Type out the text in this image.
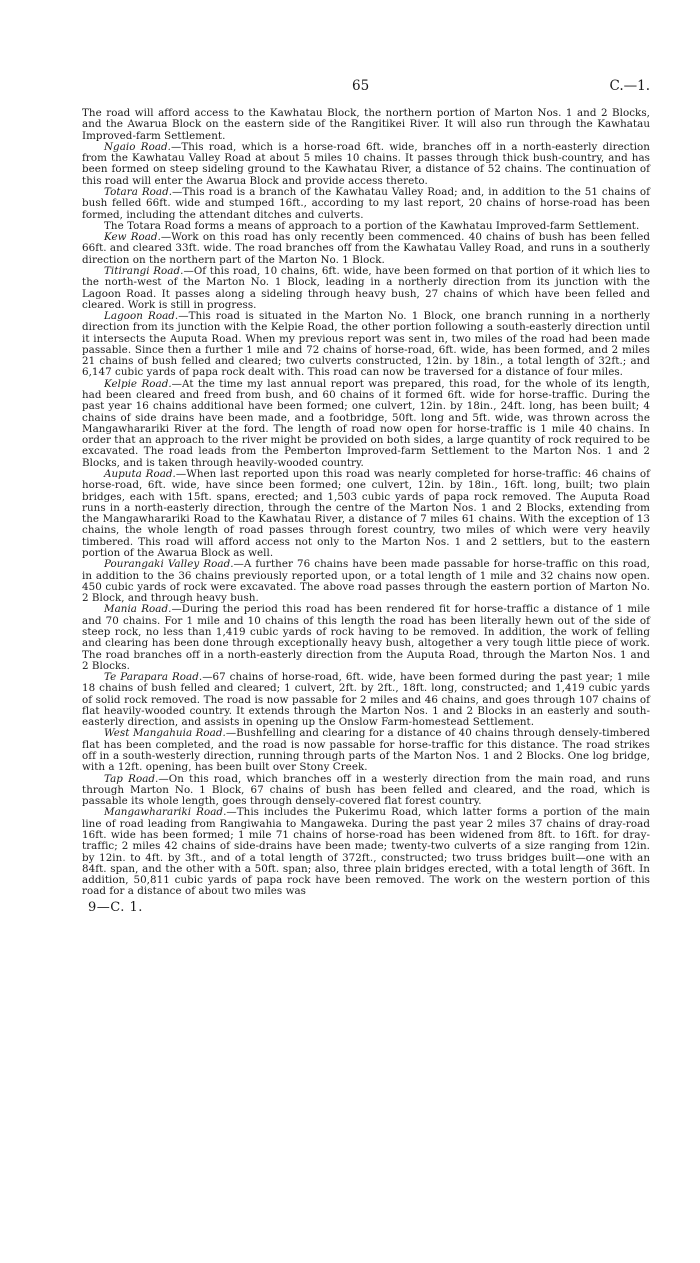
65	C.—1.

The road will afford access to the Kawhatau Block, the northern portion of Marton Nos. 1 and 2 Blocks, and the Awarua Block on the eastern side of the Rangitikei River. It will also run through the Kawhatau Improved-farm Settlement.

Ngaio Road.—This road, which is a horse-road 6ft. wide, branches off in a north-easterly direction from the Kawhatau Valley Road at about 5 miles 10 chains. It passes through thick bush-country, and has been formed on steep sideling ground to the Kawhatau River, a distance of 52 chains. The continuation of this road will enter the Awarua Block and provide access thereto.

Totara Road.—This road is a branch of the Kawhatau Valley Road; and, in addition to the 51 chains of bush felled 66ft. wide and stumped 16ft., according to my last report, 20 chains of horse-road has been formed, including the attendant ditches and culverts.

The Totara Road forms a means of approach to a portion of the Kawhatau Improved-farm Settlement.

Kew Road.—Work on this road has only recently been commenced. 40 chains of bush has been felled 66ft. and cleared 33ft. wide. The road branches off from the Kawhatau Valley Road, and runs in a southerly direction on the northern part of the Marton No. 1 Block.

Titirangi Road.—Of this road, 10 chains, 6ft. wide, have been formed on that portion of it which lies to the north-west of the Marton No. 1 Block, leading in a northerly direction from its junction with the Lagoon Road. It passes along a sideling through heavy bush, 27 chains of which have been felled and cleared. Work is still in progress.

Lagoon Road.—This road is situated in the Marton No. 1 Block, one branch running in a northerly direction from its junction with the Kelpie Road, the other portion following a south-easterly direction until it intersects the Auputa Road. When my previous report was sent in, two miles of the road had been made passable. Since then a further 1 mile and 72 chains of horse-road, 6ft. wide, has been formed, and 2 miles 21 chains of bush felled and cleared; two culverts constructed, 12in. by 18in., a total length of 32ft.; and 6,147 cubic yards of papa rock dealt with. This road can now be traversed for a distance of four miles.

Kelpie Road.—At the time my last annual report was prepared, this road, for the whole of its length, had been cleared and freed from bush, and 60 chains of it formed 6ft. wide for horse-traffic. During the past year 16 chains additional have been formed; one culvert, 12in. by 18in., 24ft. long, has been built; 4 chains of side drains have been made, and a footbridge, 50ft. long and 5ft. wide, was thrown across the Mangawharariki River at the ford. The length of road now open for horse-traffic is 1 mile 40 chains. In order that an approach to the river might be provided on both sides, a large quantity of rock required to be excavated. The road leads from the Pemberton Improved-farm Settlement to the Marton Nos. 1 and 2 Blocks, and is taken through heavily-wooded country.

Auputa Road.—When last reported upon this road was nearly completed for horse-traffic: 46 chains of horse-road, 6ft. wide, have since been formed; one culvert, 12in. by 18in., 16ft. long, built; two plain bridges, each with 15ft. spans, erected; and 1,503 cubic yards of papa rock removed. The Auputa Road runs in a north-easterly direction, through the centre of the Marton Nos. 1 and 2 Blocks, extending from the Mangawharariki Road to the Kawhatau River, a distance of 7 miles 61 chains. With the exception of 13 chains, the whole length of road passes through forest country, two miles of which were very heavily timbered. This road will afford access not only to the Marton Nos. 1 and 2 settlers, but to the eastern portion of the Awarua Block as well.

Pourangaki Valley Road.—A further 76 chains have been made passable for horse-traffic on this road, in addition to the 36 chains previously reported upon, or a total length of 1 mile and 32 chains now open. 450 cubic yards of rock were excavated. The above road passes through the eastern portion of Marton No. 2 Block, and through heavy bush.

Mania Road.—During the period this road has been rendered fit for horse-traffic a distance of 1 mile and 70 chains. For 1 mile and 10 chains of this length the road has been literally hewn out of the side of steep rock, no less than 1,419 cubic yards of rock having to be removed. In addition, the work of felling and clearing has been done through exceptionally heavy bush, altogether a very tough little piece of work. The road branches off in a north-easterly direction from the Auputa Road, through the Marton Nos. 1 and 2 Blocks.

Te Parapara Road.—67 chains of horse-road, 6ft. wide, have been formed during the past year; 1 mile 18 chains of bush felled and cleared; 1 culvert, 2ft. by 2ft., 18ft. long, constructed; and 1,419 cubic yards of solid rock removed. The road is now passable for 2 miles and 46 chains, and goes through 107 chains of flat heavily-wooded country. It extends through the Marton Nos. 1 and 2 Blocks in an easterly and south-easterly direction, and assists in opening up the Onslow Farm-homestead Settlement.

West Mangahuia Road.—Bushfelling and clearing for a distance of 40 chains through densely-timbered flat has been completed, and the road is now passable for horse-traffic for this distance. The road strikes off in a south-westerly direction, running through parts of the Marton Nos. 1 and 2 Blocks. One log bridge, with a 12ft. opening, has been built over Stony Creek.

Tap Road.—On this road, which branches off in a westerly direction from the main road, and runs through Marton No. 1 Block, 67 chains of bush has been felled and cleared, and the road, which is passable its whole length, goes through densely-covered flat forest country.

Mangawharariki Road.—This includes the Pukerimu Road, which latter forms a portion of the main line of road leading from Rangiwahia to Mangaweka. During the past year 2 miles 37 chains of dray-road 16ft. wide has been formed; 1 mile 71 chains of horse-road has been widened from 8ft. to 16ft. for dray-traffic; 2 miles 42 chains of side-drains have been made; twenty-two culverts of a size ranging from 12in. by 12in. to 4ft. by 3ft., and of a total length of 372ft., constructed; two truss bridges built—one with an 84ft. span, and the other with a 50ft. span; also, three plain bridges erected, with a total length of 36ft. In addition, 50,811 cubic yards of papa rock have been removed. The work on the western portion of this road for a distance of about two miles was

9—C. 1.
